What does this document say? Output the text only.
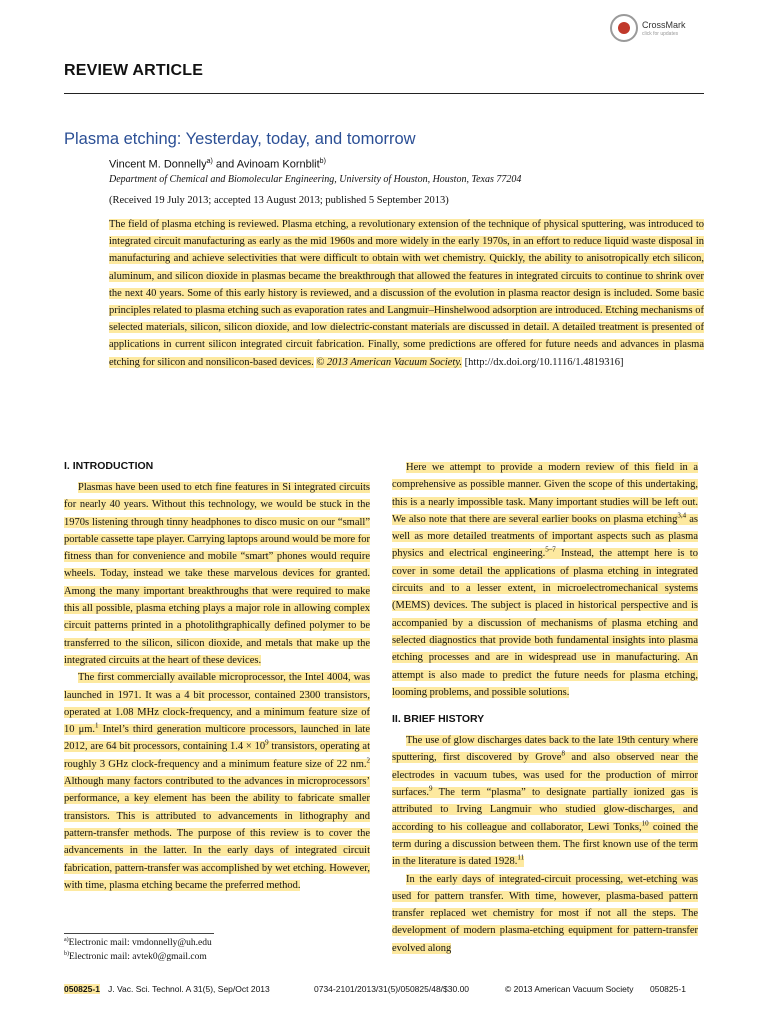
CrossMark
click for updates
REVIEW ARTICLE
Plasma etching: Yesterday, today, and tomorrow
Vincent M. Donnelly$^{a)}$ and Avinoam Kornblit$^{b)}$
Department of Chemical and Biomolecular Engineering, University of Houston, Houston, Texas 77204
(Received 19 July 2013; accepted 13 August 2013; published 5 September 2013)
The field of plasma etching is reviewed. Plasma etching, a revolutionary extension of the technique of physical sputtering, was introduced to integrated circuit manufacturing as early as the mid 1960s and more widely in the early 1970s, in an effort to reduce liquid waste disposal in manufacturing and achieve selectivities that were difficult to obtain with wet chemistry. Quickly, the ability to anisotropically etch silicon, aluminum, and silicon dioxide in plasmas became the breakthrough that allowed the features in integrated circuits to continue to shrink over the next 40 years. Some of this early history is reviewed, and a discussion of the evolution in plasma reactor design is included. Some basic principles related to plasma etching such as evaporation rates and Langmuir–Hinshelwood adsorption are introduced. Etching mechanisms of selected materials, silicon, silicon dioxide, and low dielectric-constant materials are discussed in detail. A detailed treatment is presented of applications in current silicon integrated circuit fabrication. Finally, some predictions are offered for future needs and advances in plasma etching for silicon and nonsilicon-based devices. © 2013 American Vacuum Society. [http://dx.doi.org/10.1116/1.4819316]

I. INTRODUCTION

Plasmas have been used to etch fine features in Si integrated circuits for nearly 40 years. Without this technology, we would be stuck in the 1970s listening through tinny headphones to disco music on our “small” portable cassette tape player. Carrying laptops around would be more for fitness than for convenience and mobile “smart” phones would require wheels. Today, instead we take these marvelous devices for granted. Among the many important breakthroughs that were required to make this all possible, plasma etching plays a major role in allowing complex circuit patterns printed in a photolithgraphically defined polymer to be transferred to the silicon, silicon dioxide, and metals that make up the integrated circuits at the heart of these devices.

The first commercially available microprocessor, the Intel 4004, was launched in 1971. It was a 4 bit processor, contained 2300 transistors, operated at 1.08 MHz clock-frequency, and a minimum feature size of 10 μm.$^1$ Intel’s third generation multicore processors, launched in late 2012, are 64 bit processors, containing $1.4 \times 10^9$ transistors, operating at roughly 3 GHz clock-frequency and a minimum feature size of 22 nm.$^2$ Although many factors contributed to the advances in microprocessors’ performance, a key element has been the ability to fabricate smaller transistors. This is attributed to advancements in lithography and pattern-transfer methods. The purpose of this review is to cover the advancements in the latter. In the early days of integrated circuit fabrication, pattern-transfer was accomplished by wet etching. However, with time, plasma etching became the preferred method.

Here we attempt to provide a modern review of this field in a comprehensive as possible manner. Given the scope of this undertaking, this is a nearly impossible task. Many important studies will be left out. We also note that there are several earlier books on plasma etching$^{3,4}$ as well as more detailed treatments of important aspects such as plasma physics and electrical engineering.$^{5-7}$ Instead, the attempt here is to cover in some detail the applications of plasma etching in integrated circuits and to a lesser extent, in microelectromechanical systems (MEMS) devices. The subject is placed in historical perspective and is accompanied by a discussion of mechanisms of plasma etching and selected diagnostics that provide both fundamental insights into plasma etching processes and are in widespread use in manufacturing. An attempt is also made to predict the future needs for plasma etching, looming problems, and possible solutions.

II. BRIEF HISTORY

The use of glow discharges dates back to the late 19th century where sputtering, first discovered by Grove$^8$ and also observed near the electrodes in vacuum tubes, was used for the production of mirror surfaces.$^9$ The term “plasma” to designate partially ionized gas is attributed to Irving Langmuir who studied glow-discharges, and according to his colleague and collaborator, Lewi Tonks,$^{10}$ coined the term during a discussion between them. The first known use of the term in the literature is dated 1928.11

In the early days of integrated-circuit processing, wet-etching was used for pattern transfer. With time, however, plasma-based pattern transfer replaced wet chemistry for most if not all the steps. The development of modern plasma-etching equipment for pattern-transfer evolved along

$^{a)}$Electronic mail: vmdonnelly@uh.edu
$^{b)}$Electronic mail: avtek0@gmail.com
050825-1 J. Vac. Sci. Technol. A 31(5), Sep/Oct 2013	0734-2101/2013/31(5)/050825/48/$30.00	© 2013 American Vacuum Society 050825-1
